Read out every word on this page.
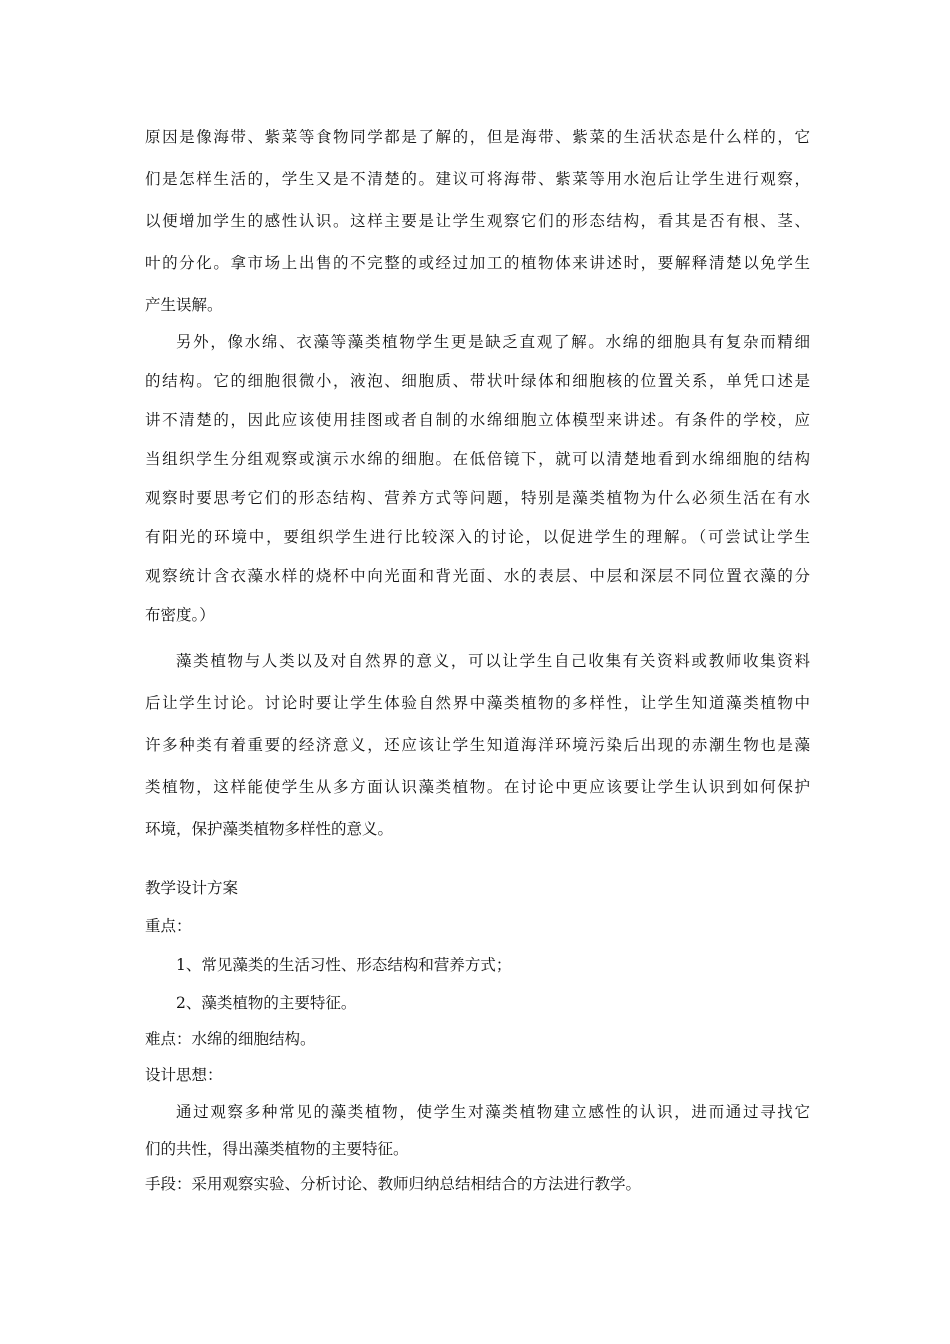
原因是像海带、紫菜等食物同学都是了解的，但是海带、紫菜的生活状态是什么样的，它
们是怎样生活的，学生又是不清楚的。建议可将海带、紫菜等用水泡后让学生进行观察，
以便增加学生的感性认识。这样主要是让学生观察它们的形态结构，看其是否有根、茎、
叶的分化。拿市场上出售的不完整的或经过加工的植物体来讲述时，要解释清楚以免学生
产生误解。
另外，像水绵、衣藻等藻类植物学生更是缺乏直观了解。水绵的细胞具有复杂而精细
的结构。它的细胞很微小，液泡、细胞质、带状叶绿体和细胞核的位置关系，单凭口述是
讲不清楚的，因此应该使用挂图或者自制的水绵细胞立体模型来讲述。有条件的学校，应
当组织学生分组观察或演示水绵的细胞。在低倍镜下，就可以清楚地看到水绵细胞的结构
观察时要思考它们的形态结构、营养方式等问题，特别是藻类植物为什么必须生活在有水
有阳光的环境中，要组织学生进行比较深入的讨论，以促进学生的理解。（可尝试让学生
观察统计含衣藻水样的烧杯中向光面和背光面、水的表层、中层和深层不同位置衣藻的分
布密度。）
藻类植物与人类以及对自然界的意义，可以让学生自己收集有关资料或教师收集资料
后让学生讨论。讨论时要让学生体验自然界中藻类植物的多样性，让学生知道藻类植物中
许多种类有着重要的经济意义，还应该让学生知道海洋环境污染后出现的赤潮生物也是藻
类植物，这样能使学生从多方面认识藻类植物。在讨论中更应该要让学生认识到如何保护
环境，保护藻类植物多样性的意义。
教学设计方案
重点：
1、常见藻类的生活习性、形态结构和营养方式；
2、藻类植物的主要特征。
难点：水绵的细胞结构。
设计思想：
通过观察多种常见的藻类植物，使学生对藻类植物建立感性的认识，进而通过寻找它
们的共性，得出藻类植物的主要特征。
手段：采用观察实验、分析讨论、教师归纳总结相结合的方法进行教学。
